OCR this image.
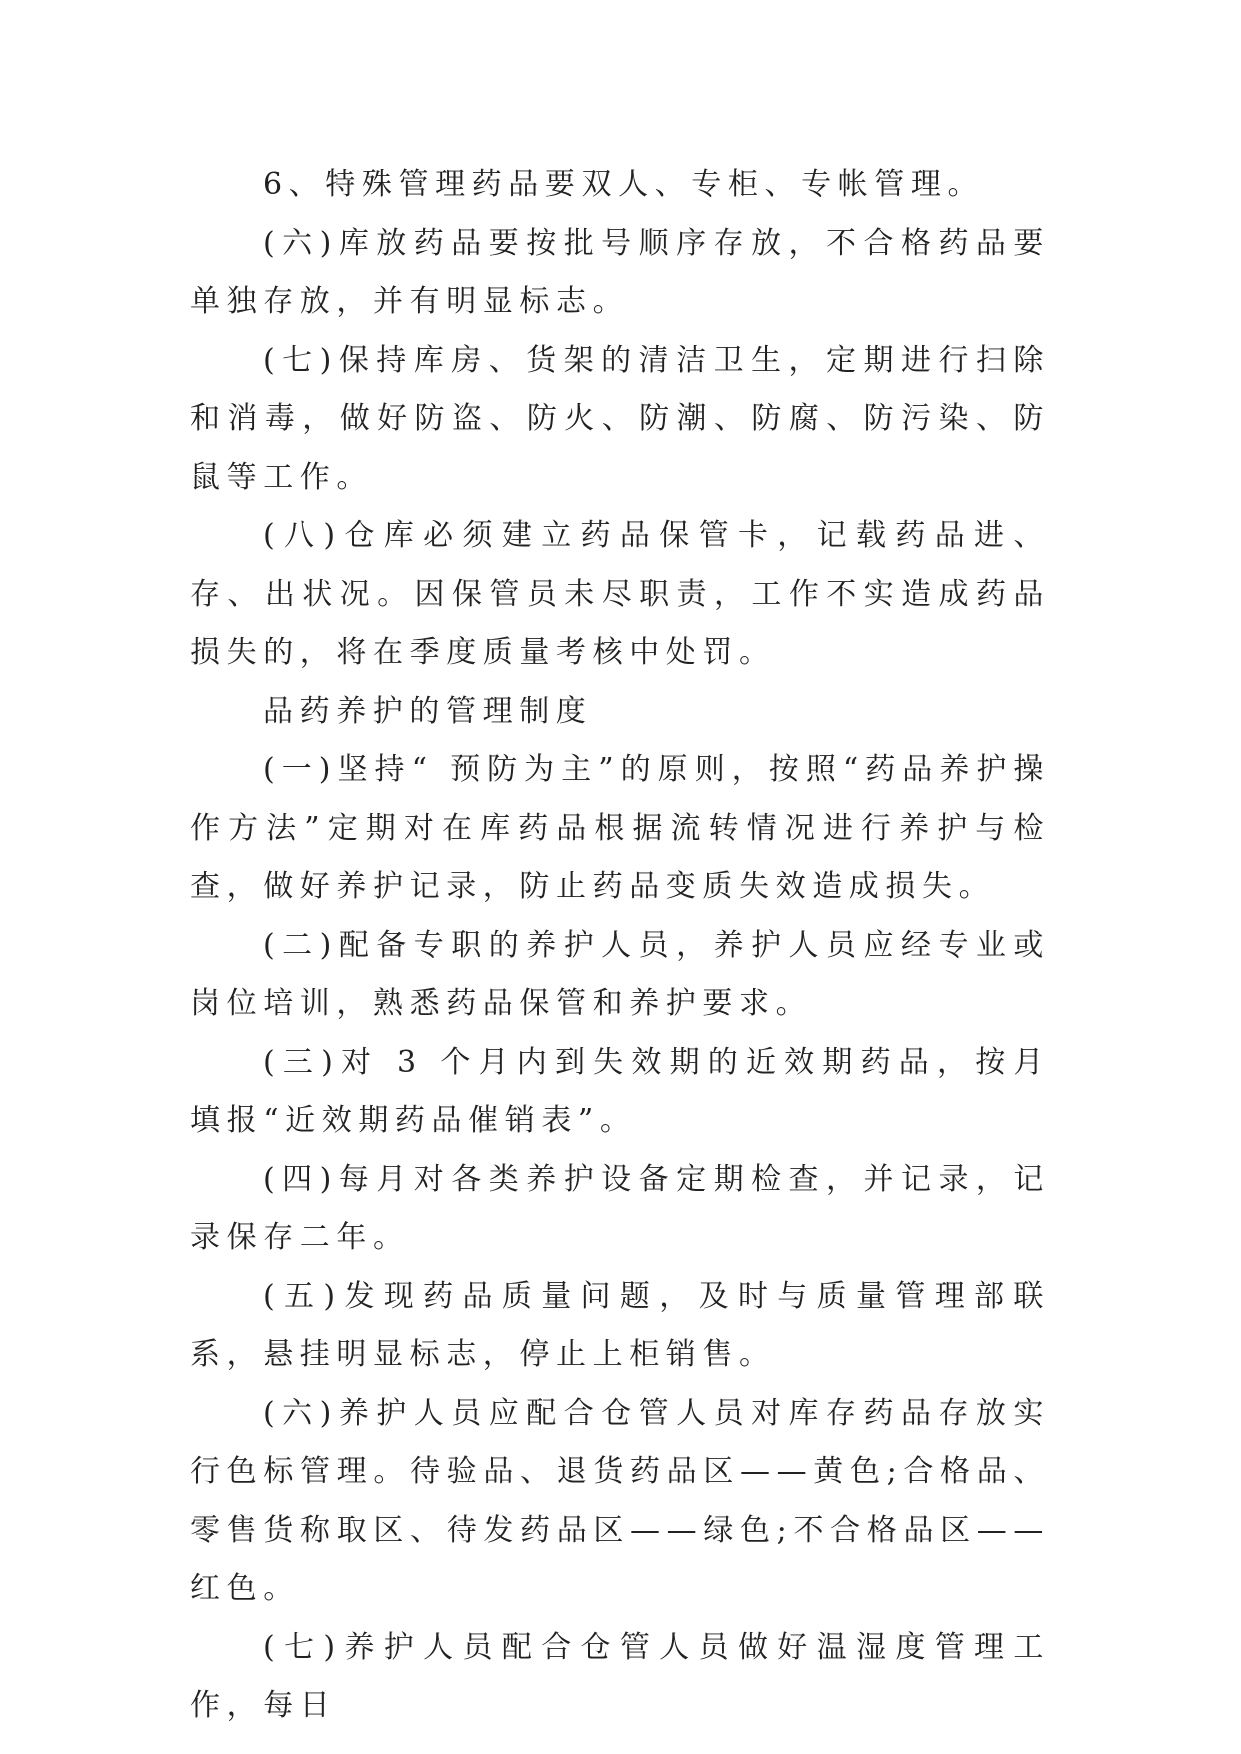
6、特殊管理药品要双人、专柜、专帐管理。

(六)库放药品要按批号顺序存放，不合格药品要单独存放，并有明显标志。

(七)保持库房、货架的清洁卫生，定期进行扫除和消毒，做好防盗、防火、防潮、防腐、防污染、防鼠等工作。

(八)仓库必须建立药品保管卡，记载药品进、存、出状况。因保管员未尽职责，工作不实造成药品损失的，将在季度质量考核中处罚。

品药养护的管理制度

(一)坚持“ 预防为主”的原则，按照“药品养护操作方法”定期对在库药品根据流转情况进行养护与检查，做好养护记录，防止药品变质失效造成损失。

(二)配备专职的养护人员，养护人员应经专业或岗位培训，熟悉药品保管和养护要求。

(三)对 3 个月内到失效期的近效期药品，按月填报“近效期药品催销表”。

(四)每月对各类养护设备定期检查，并记录，记录保存二年。

(五)发现药品质量问题，及时与质量管理部联系，悬挂明显标志，停止上柜销售。

(六)养护人员应配合仓管人员对库存药品存放实行色标管理。待验品、退货药品区——黄色;合格品、零售货称取区、待发药品区——绿色;不合格品区——红色。

(七)养护人员配合仓管人员做好温湿度管理工作，每日
